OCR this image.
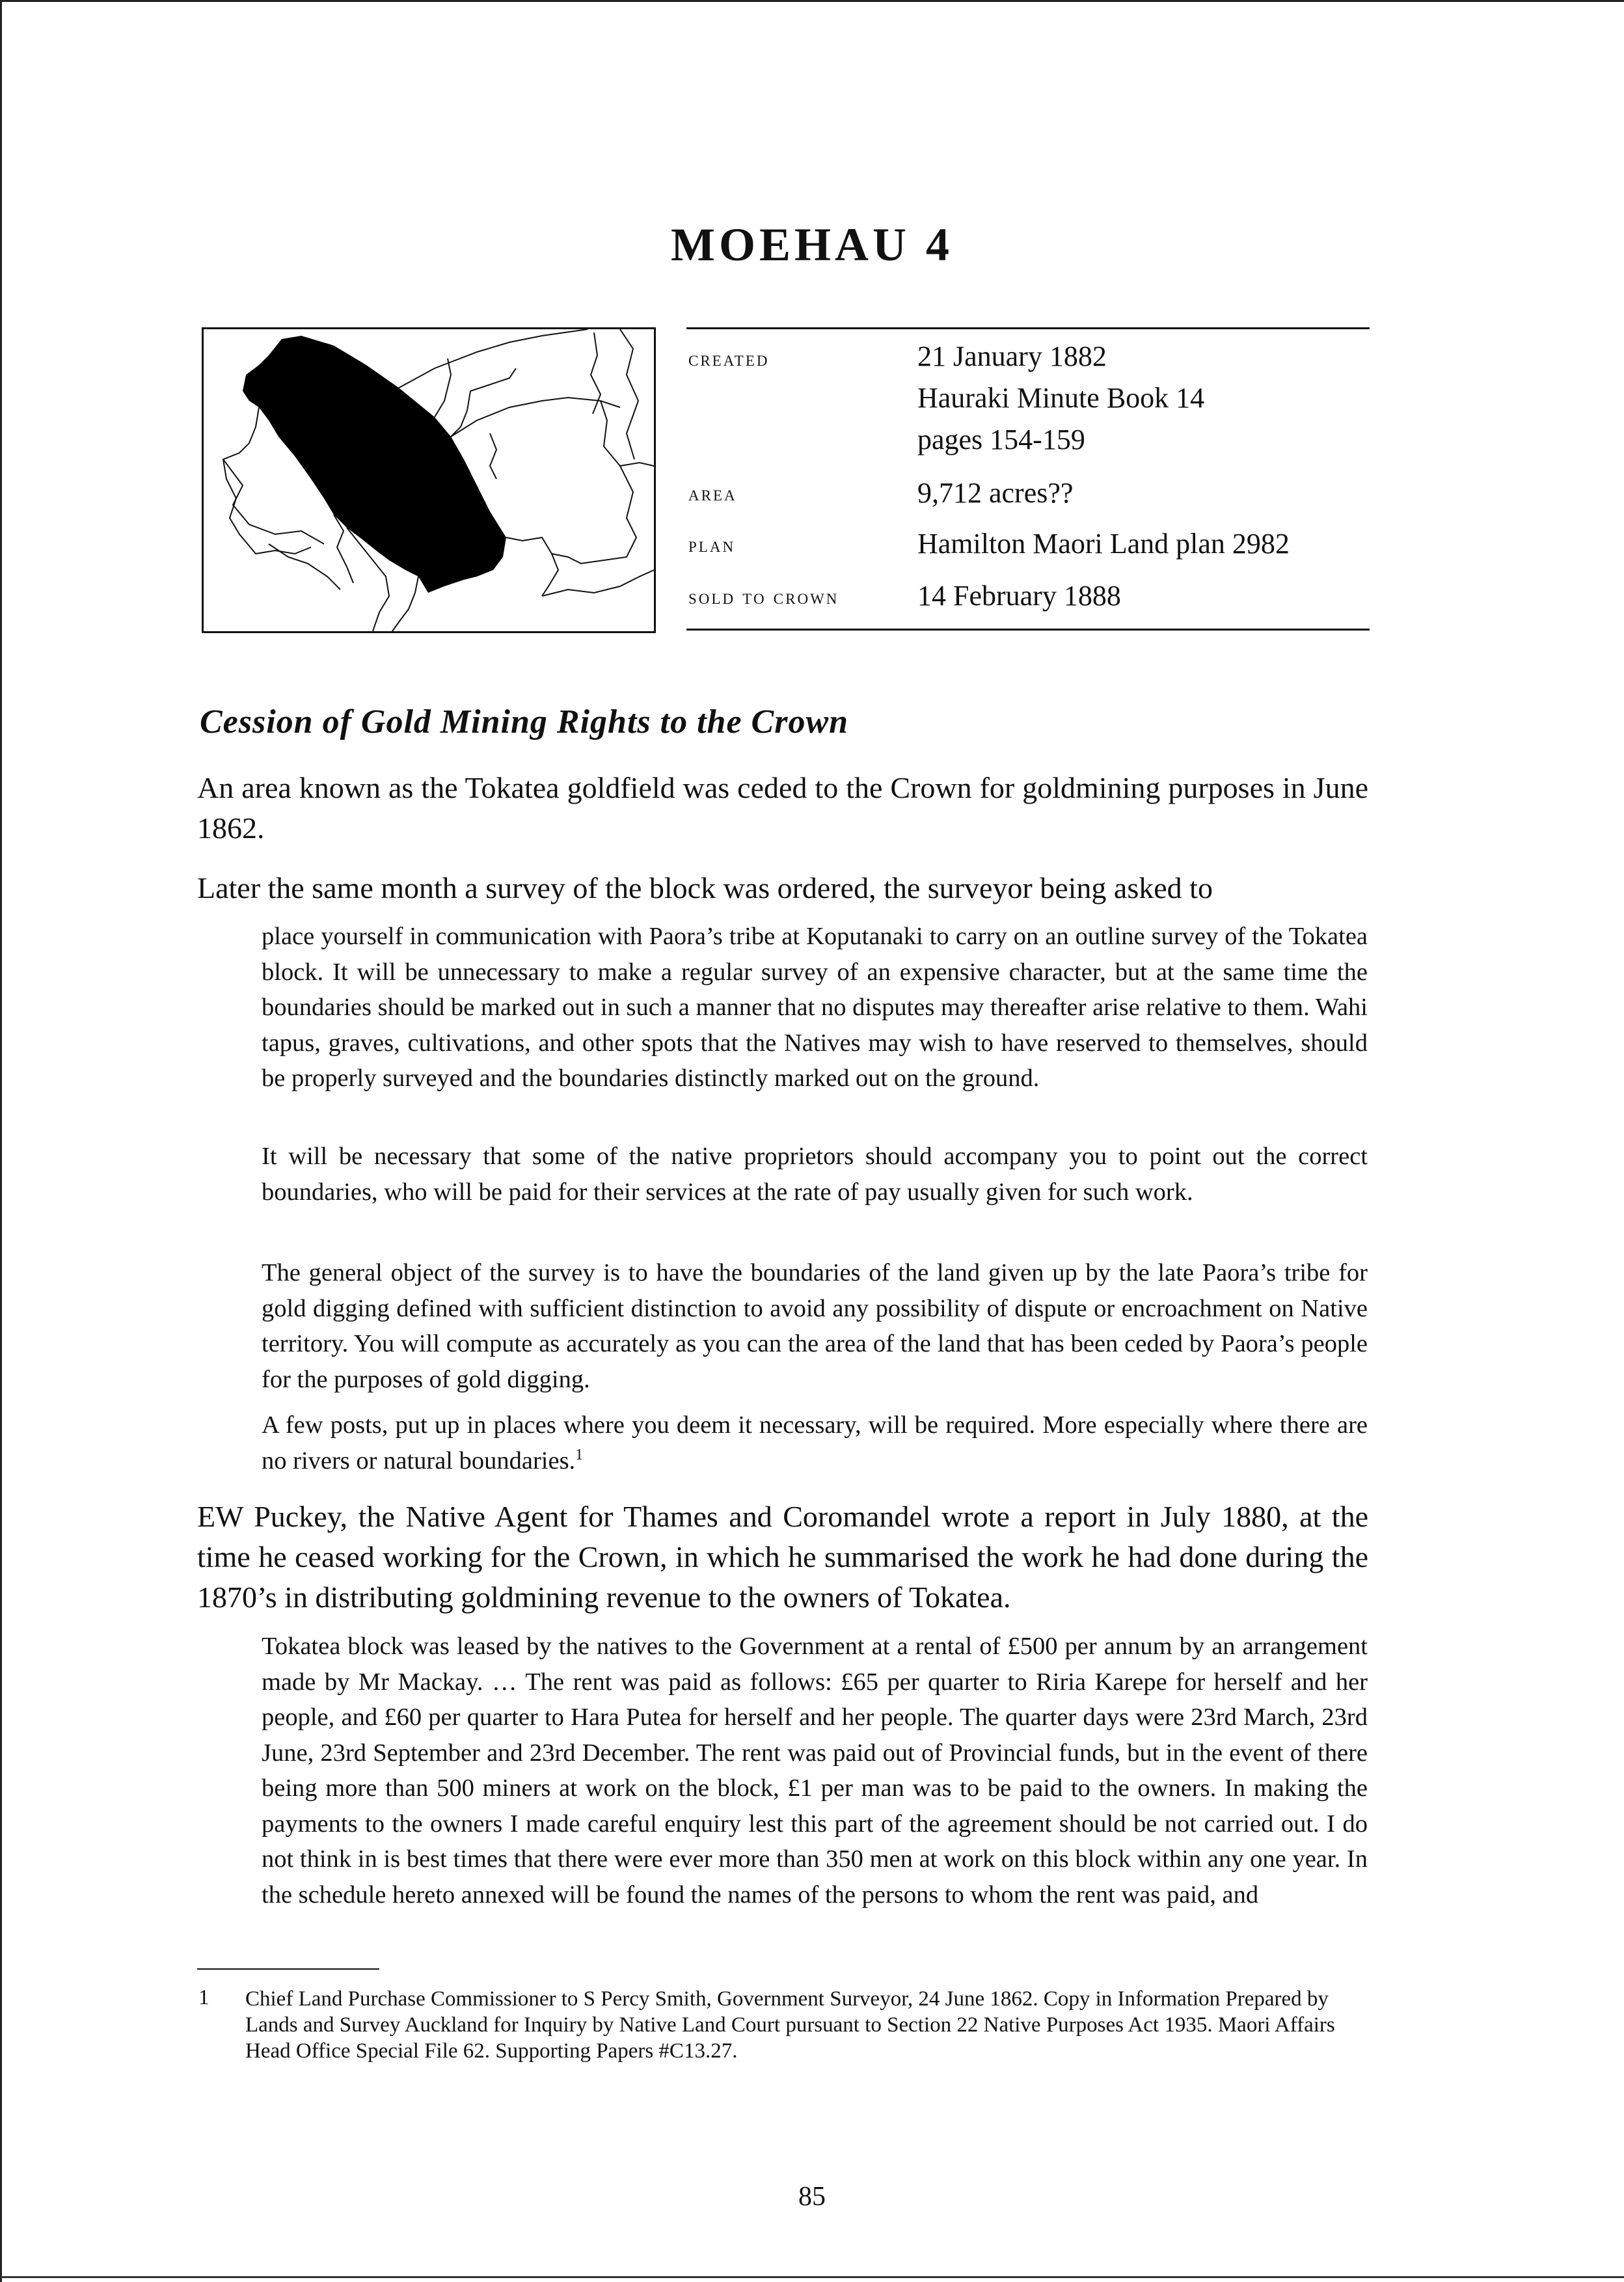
MOEHAU 4
created	21 January 1882
Hauraki Minute Book 14
pages 154-159
area	9,712 acres??
plan	Hamilton Maori Land plan 2982
sold to crown	14 February 1888
Cession of Gold Mining Rights to the Crown
An area known as the Tokatea goldfield was ceded to the Crown for goldmining purposes in June 1862.
Later the same month a survey of the block was ordered, the surveyor being asked to
place yourself in communication with Paora’s tribe at Koputanaki to carry on an outline survey of the Tokatea block. It will be unnecessary to make a regular survey of an expensive character, but at the same time the boundaries should be marked out in such a manner that no disputes may thereafter arise relative to them. Wahi tapus, graves, cultivations, and other spots that the Natives may wish to have reserved to themselves, should be properly surveyed and the boundaries distinctly marked out on the ground.
It will be necessary that some of the native proprietors should accompany you to point out the correct boundaries, who will be paid for their services at the rate of pay usually given for such work.
The general object of the survey is to have the boundaries of the land given up by the late Paora’s tribe for gold digging defined with sufficient distinction to avoid any possibility of dispute or encroachment on Native territory. You will compute as accurately as you can the area of the land that has been ceded by Paora’s people for the purposes of gold digging.
A few posts, put up in places where you deem it necessary, will be required. More especially where there are no rivers or natural boundaries.$^1$
EW Puckey, the Native Agent for Thames and Coromandel wrote a report in July 1880, at the time he ceased working for the Crown, in which he summarised the work he had done during the 1870’s in distributing goldmining revenue to the owners of Tokatea.
Tokatea block was leased by the natives to the Government at a rental of £500 per annum by an arrangement made by Mr Mackay. … The rent was paid as follows: £65 per quarter to Riria Karepe for herself and her people, and £60 per quarter to Hara Putea for herself and her people. The quarter days were 23rd March, 23rd June, 23rd September and 23rd December. The rent was paid out of Provincial funds, but in the event of there being more than 500 miners at work on the block, £1 per man was to be paid to the owners. In making the payments to the owners I made careful enquiry lest this part of the agreement should be not carried out. I do not think in is best times that there were ever more than 350 men at work on this block within any one year. In the schedule hereto annexed will be found the names of the persons to whom the rent was paid, and
1 Chief Land Purchase Commissioner to S Percy Smith, Government Surveyor, 24 June 1862. Copy in Information Prepared by Lands and Survey Auckland for Inquiry by Native Land Court pursuant to Section 22 Native Purposes Act 1935. Maori Affairs Head Office Special File 62. Supporting Papers #C13.27.
85
